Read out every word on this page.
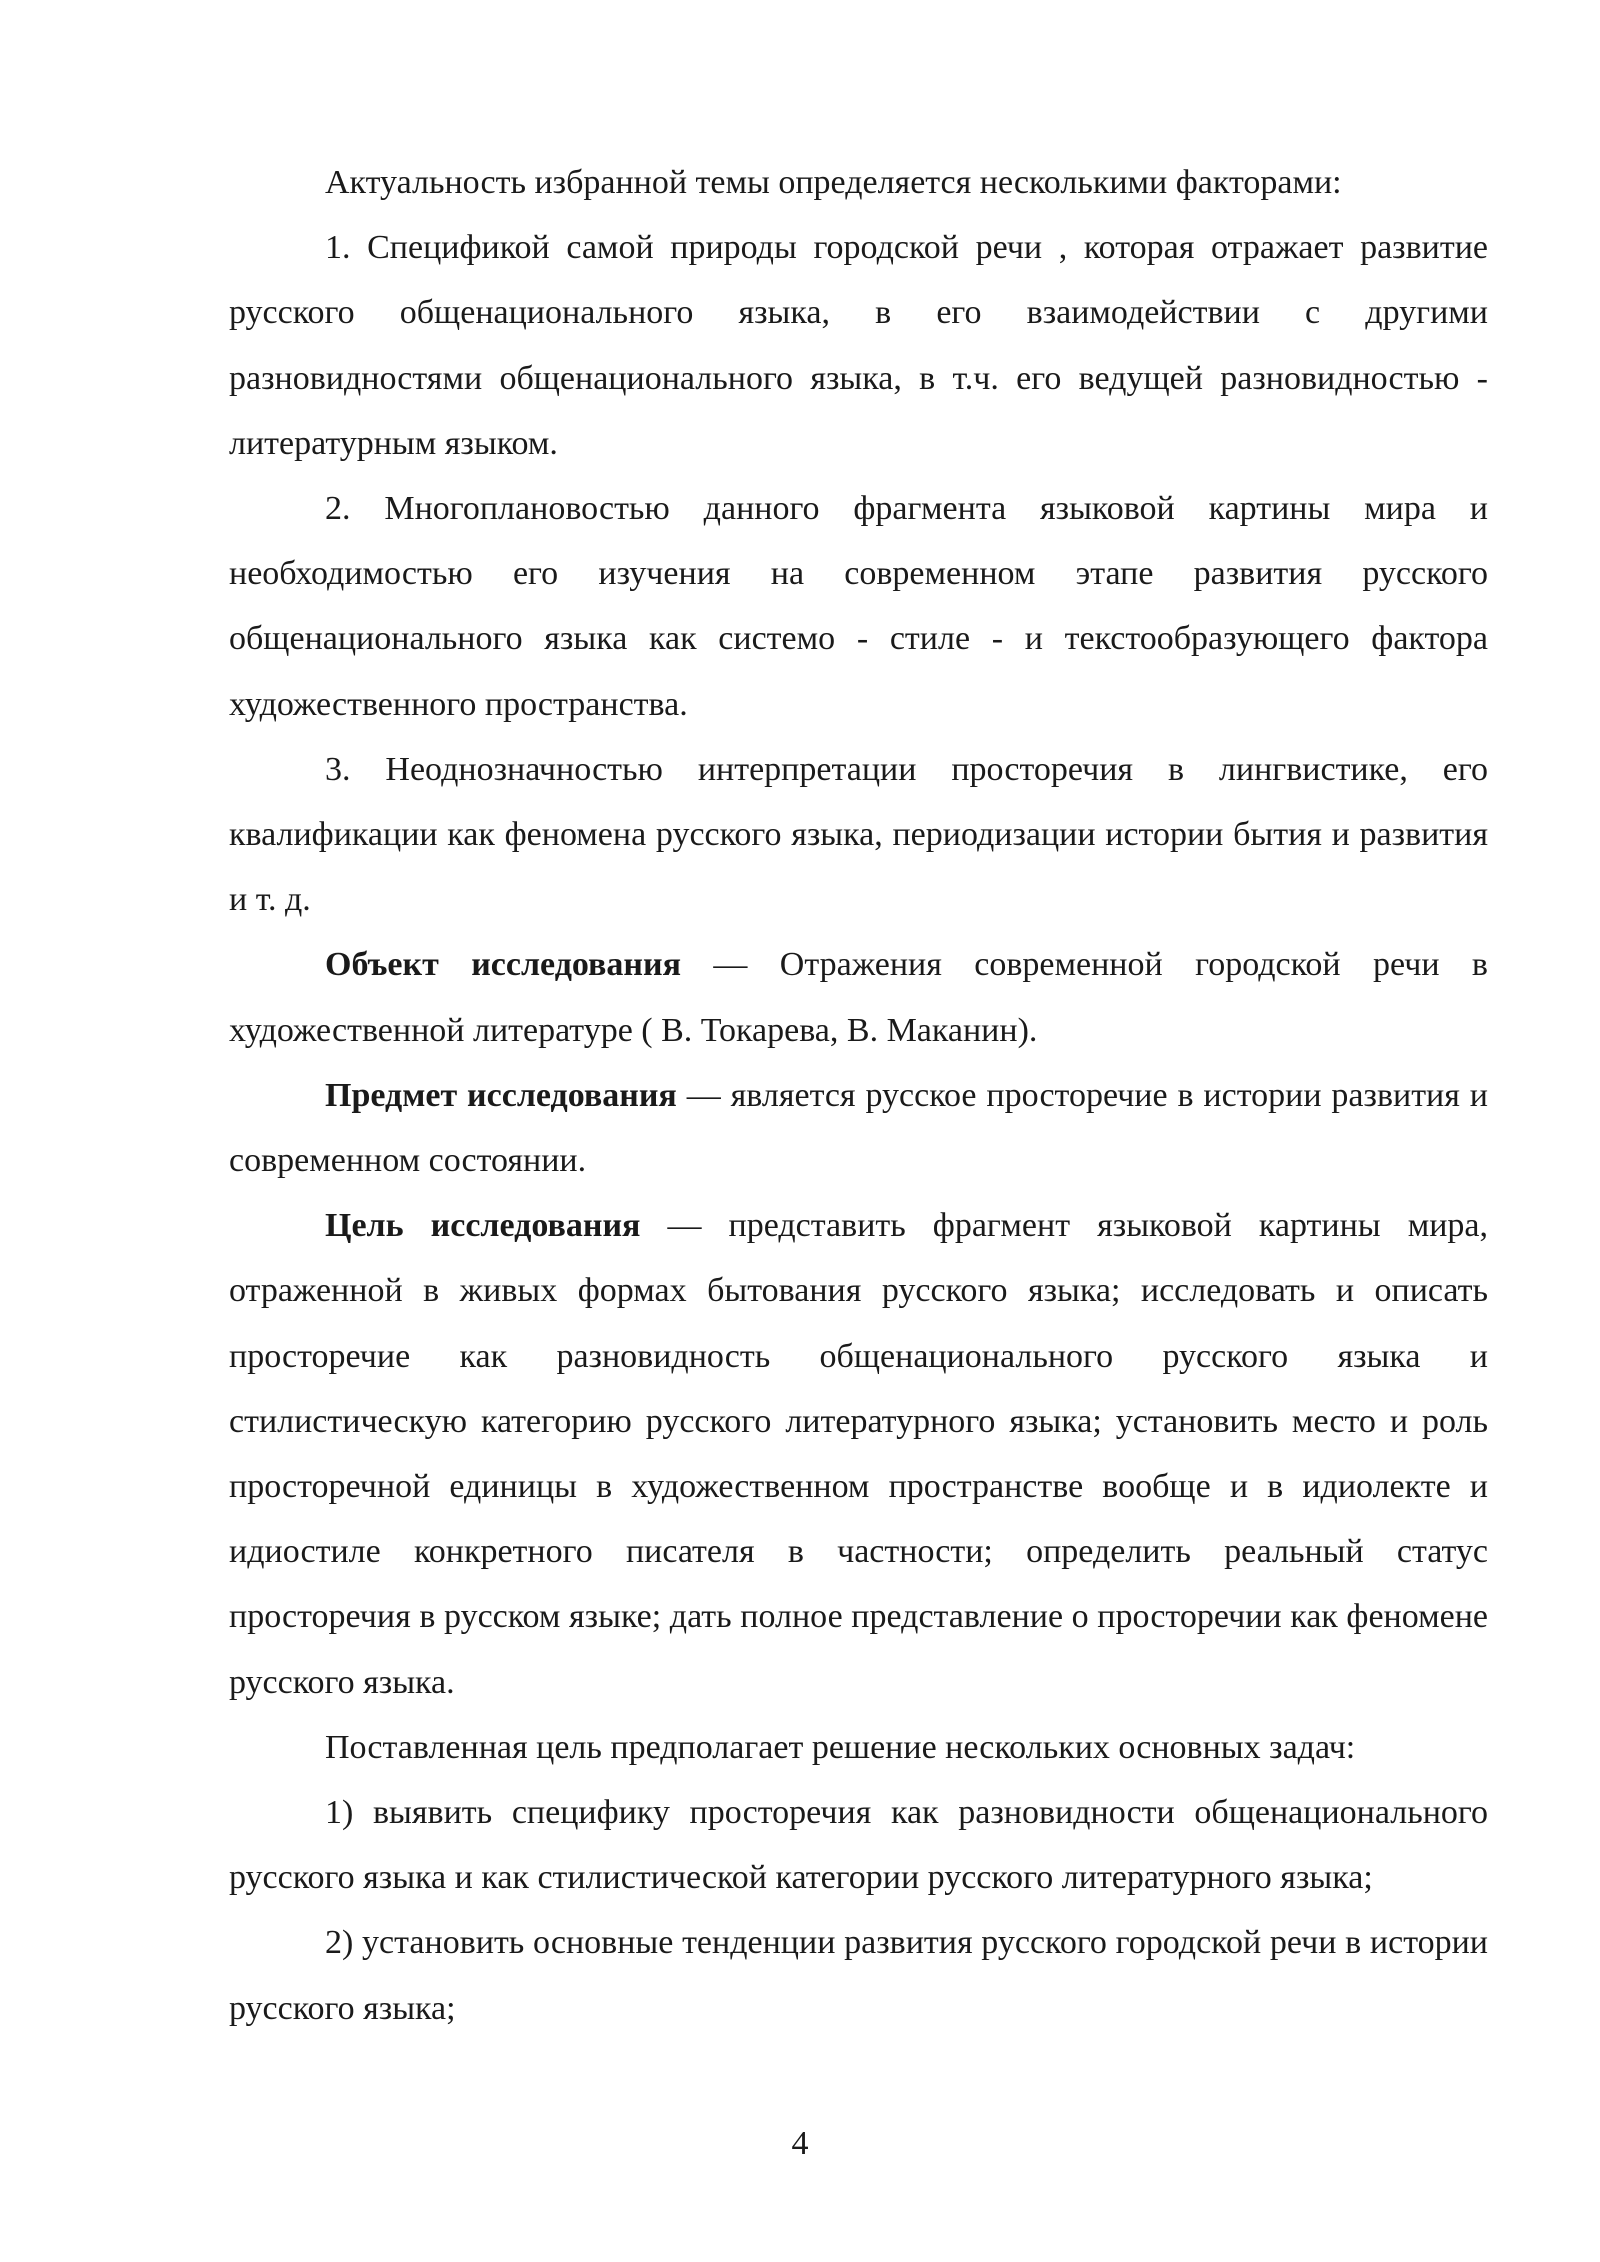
Актуальность избранной темы определяется несколькими факторами:

1. Спецификой самой природы городской речи , которая отражает развитие русского общенационального языка, в его взаимодействии с другими разновидностями общенационального языка, в т.ч. его ведущей разновидностью - литературным языком.

2. Многоплановостью данного фрагмента языковой картины мира и необходимостью его изучения на современном этапе развития русского общенационального языка как системо - стиле - и текстообразующего фактора художественного пространства.

3. Неоднозначностью интерпретации просторечия в лингвистике, его квалификации как феномена русского языка, периодизации истории бытия и развития и т. д.

Объект исследования — Отражения современной городской речи в художественной литературе ( В. Токарева, В. Маканин).

Предмет исследования — является русское просторечие в истории развития и современном состоянии.

Цель исследования — представить фрагмент языковой картины мира, отраженной в живых формах бытования русского языка; исследовать и описать просторечие как разновидность общенационального русского языка и стилистическую категорию русского литературного языка; установить место и роль просторечной единицы в художественном пространстве вообще и в идиолекте и идиостиле конкретного писателя в частности; определить реальный статус просторечия в русском языке; дать полное представление о просторечии как феномене русского языка.

Поставленная цель предполагает решение нескольких основных задач:

1) выявить специфику просторечия как разновидности общенационального русского языка и как стилистической категории русского литературного языка;

2) установить основные тенденции развития русского городской речи в истории русского языка;

4
